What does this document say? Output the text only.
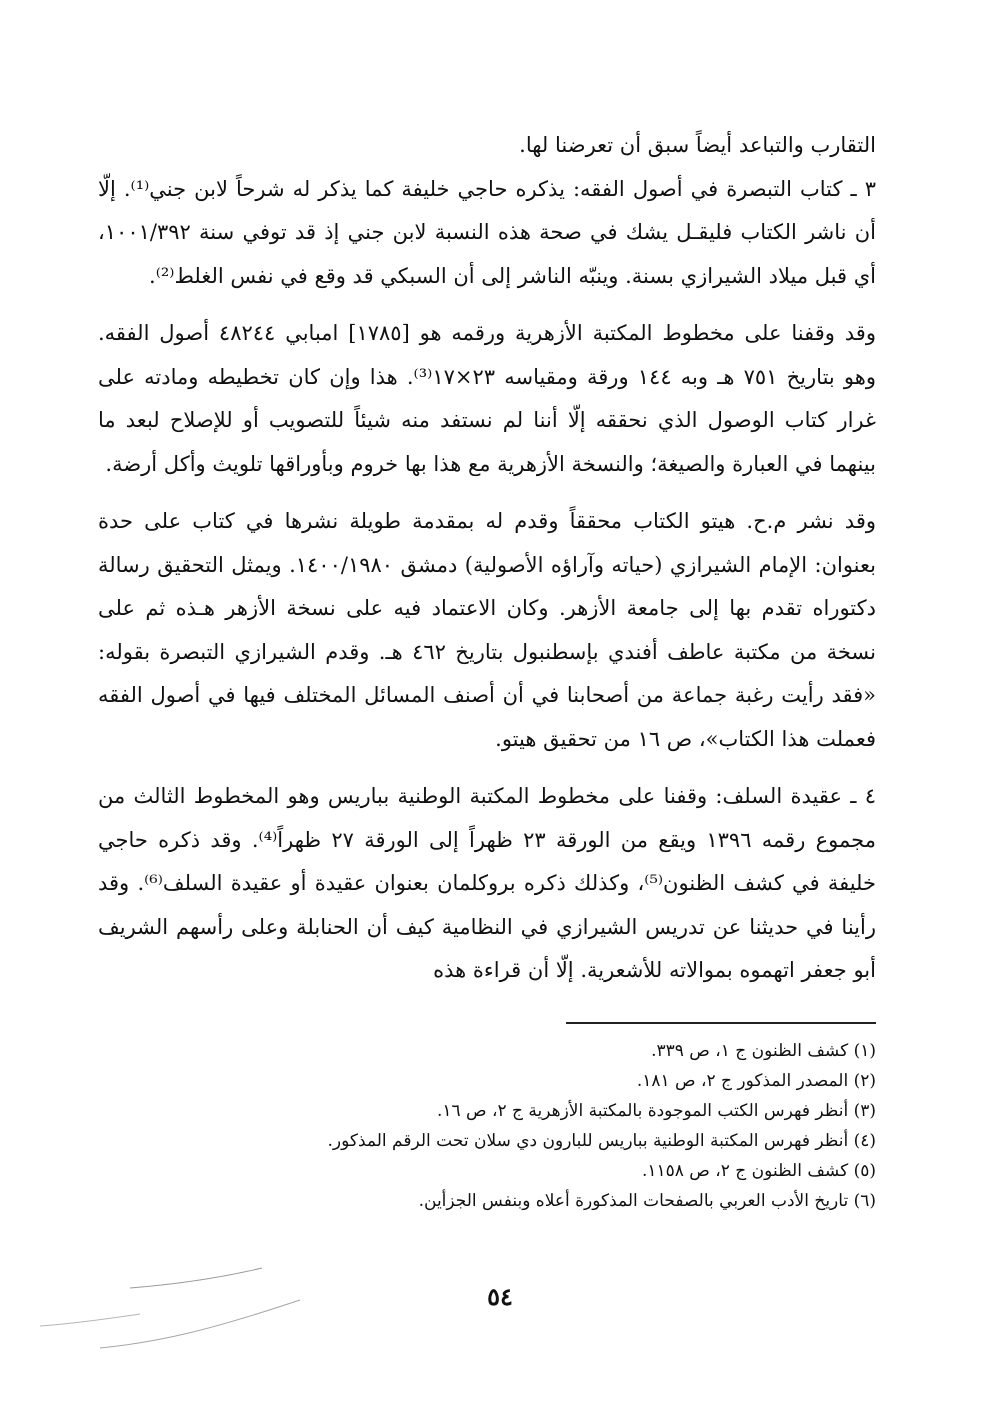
التقارب والتباعد أيضاً سبق أن تعرضنا لها.

٣ ـ كتاب التبصرة في أصول الفقه: يذكره حاجي خليفة كما يذكر له شرحاً لابن جني⁽¹⁾. إلّا أن ناشر الكتاب فليقـل يشك في صحة هذه النسبة لابن جني إذ قد توفي سنة ١٠٠١/٣٩٢، أي قبل ميلاد الشيرازي بسنة. وينبّه الناشر إلى أن السبكي قد وقع في نفس الغلط⁽²⁾.

وقد وقفنا على مخطوط المكتبة الأزهرية ورقمه هو [١٧٨٥] امبابي ٤٨٢٤٤ أصول الفقه. وهو بتاريخ ٧٥١ هـ وبه ١٤٤ ورقة ومقياسه ٢٣×١٧⁽³⁾. هذا وإن كان تخطيطه ومادته على غرار كتاب الوصول الذي نحققه إلّا أننا لم نستفد منه شيئاً للتصويب أو للإصلاح لبعد ما بينهما في العبارة والصيغة؛ والنسخة الأزهرية مع هذا بها خروم وبأوراقها تلويث وأكل أرضة.

وقد نشر م.ح. هيتو الكتاب محققاً وقدم له بمقدمة طويلة نشرها في كتاب على حدة بعنوان: الإمام الشيرازي (حياته وآراؤه الأصولية) دمشق ١٤٠٠/١٩٨٠. ويمثل التحقيق رسالة دكتوراه تقدم بها إلى جامعة الأزهر. وكان الاعتماد فيه على نسخة الأزهر هـذه ثم على نسخة من مكتبة عاطف أفندي بإسطنبول بتاريخ ٤٦٢ هـ. وقدم الشيرازي التبصرة بقوله: «فقد رأيت رغبة جماعة من أصحابنا في أن أصنف المسائل المختلف فيها في أصول الفقه فعملت هذا الكتاب»، ص ١٦ من تحقيق هيتو.

٤ ـ عقيدة السلف: وقفنا على مخطوط المكتبة الوطنية بباريس وهو المخطوط الثالث من مجموع رقمه ١٣٩٦ ويقع من الورقة ٢٣ ظهراً إلى الورقة ٢٧ ظهراً⁽⁴⁾. وقد ذكره حاجي خليفة في كشف الظنون⁽⁵⁾، وكذلك ذكره بروكلمان بعنوان عقيدة أو عقيدة السلف⁽⁶⁾. وقد رأينا في حديثنا عن تدريس الشيرازي في النظامية كيف أن الحنابلة وعلى رأسهم الشريف أبو جعفر اتهموه بموالاته للأشعرية. إلّا أن قراءة هذه

(١) كشف الظنون ج ١، ص ٣٣٩.
(٢) المصدر المذكور ج ٢، ص ١٨١.
(٣) أنظر فهرس الكتب الموجودة بالمكتبة الأزهرية ج ٢، ص ١٦.
(٤) أنظر فهرس المكتبة الوطنية بباريس للبارون دي سلان تحت الرقم المذكور.
(٥) كشف الظنون ج ٢، ص ١١٥٨.
(٦) تاريخ الأدب العربي بالصفحات المذكورة أعلاه وبنفس الجزأين.
٥٤
